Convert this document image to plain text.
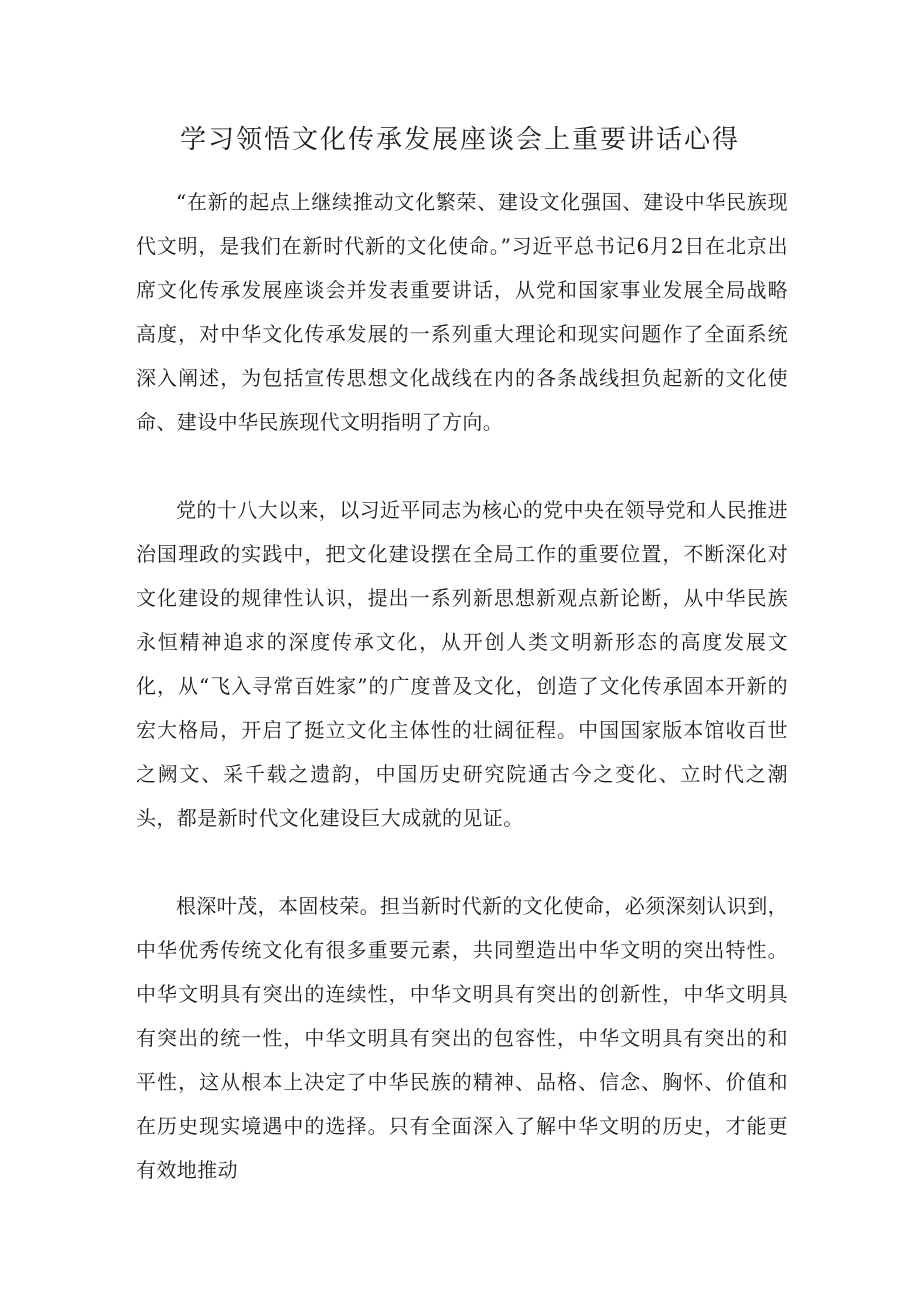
学习领悟文化传承发展座谈会上重要讲话心得

“在新的起点上继续推动文化繁荣、建设文化强国、建设中华民族现代文明，是我们在新时代新的文化使命。”习近平总书记6月2日在北京出席文化传承发展座谈会并发表重要讲话，从党和国家事业发展全局战略高度，对中华文化传承发展的一系列重大理论和现实问题作了全面系统深入阐述，为包括宣传思想文化战线在内的各条战线担负起新的文化使命、建设中华民族现代文明指明了方向。

党的十八大以来，以习近平同志为核心的党中央在领导党和人民推进治国理政的实践中，把文化建设摆在全局工作的重要位置，不断深化对文化建设的规律性认识，提出一系列新思想新观点新论断，从中华民族永恒精神追求的深度传承文化，从开创人类文明新形态的高度发展文化，从“飞入寻常百姓家”的广度普及文化，创造了文化传承固本开新的宏大格局，开启了挺立文化主体性的壮阔征程。中国国家版本馆收百世之阙文、采千载之遗韵，中国历史研究院通古今之变化、立时代之潮头，都是新时代文化建设巨大成就的见证。

根深叶茂，本固枝荣。担当新时代新的文化使命，必须深刻认识到，中华优秀传统文化有很多重要元素，共同塑造出中华文明的突出特性。中华文明具有突出的连续性，中华文明具有突出的创新性，中华文明具有突出的统一性，中华文明具有突出的包容性，中华文明具有突出的和平性，这从根本上决定了中华民族的精神、品格、信念、胸怀、价值和在历史现实境遇中的选择。只有全面深入了解中华文明的历史，才能更有效地推动
